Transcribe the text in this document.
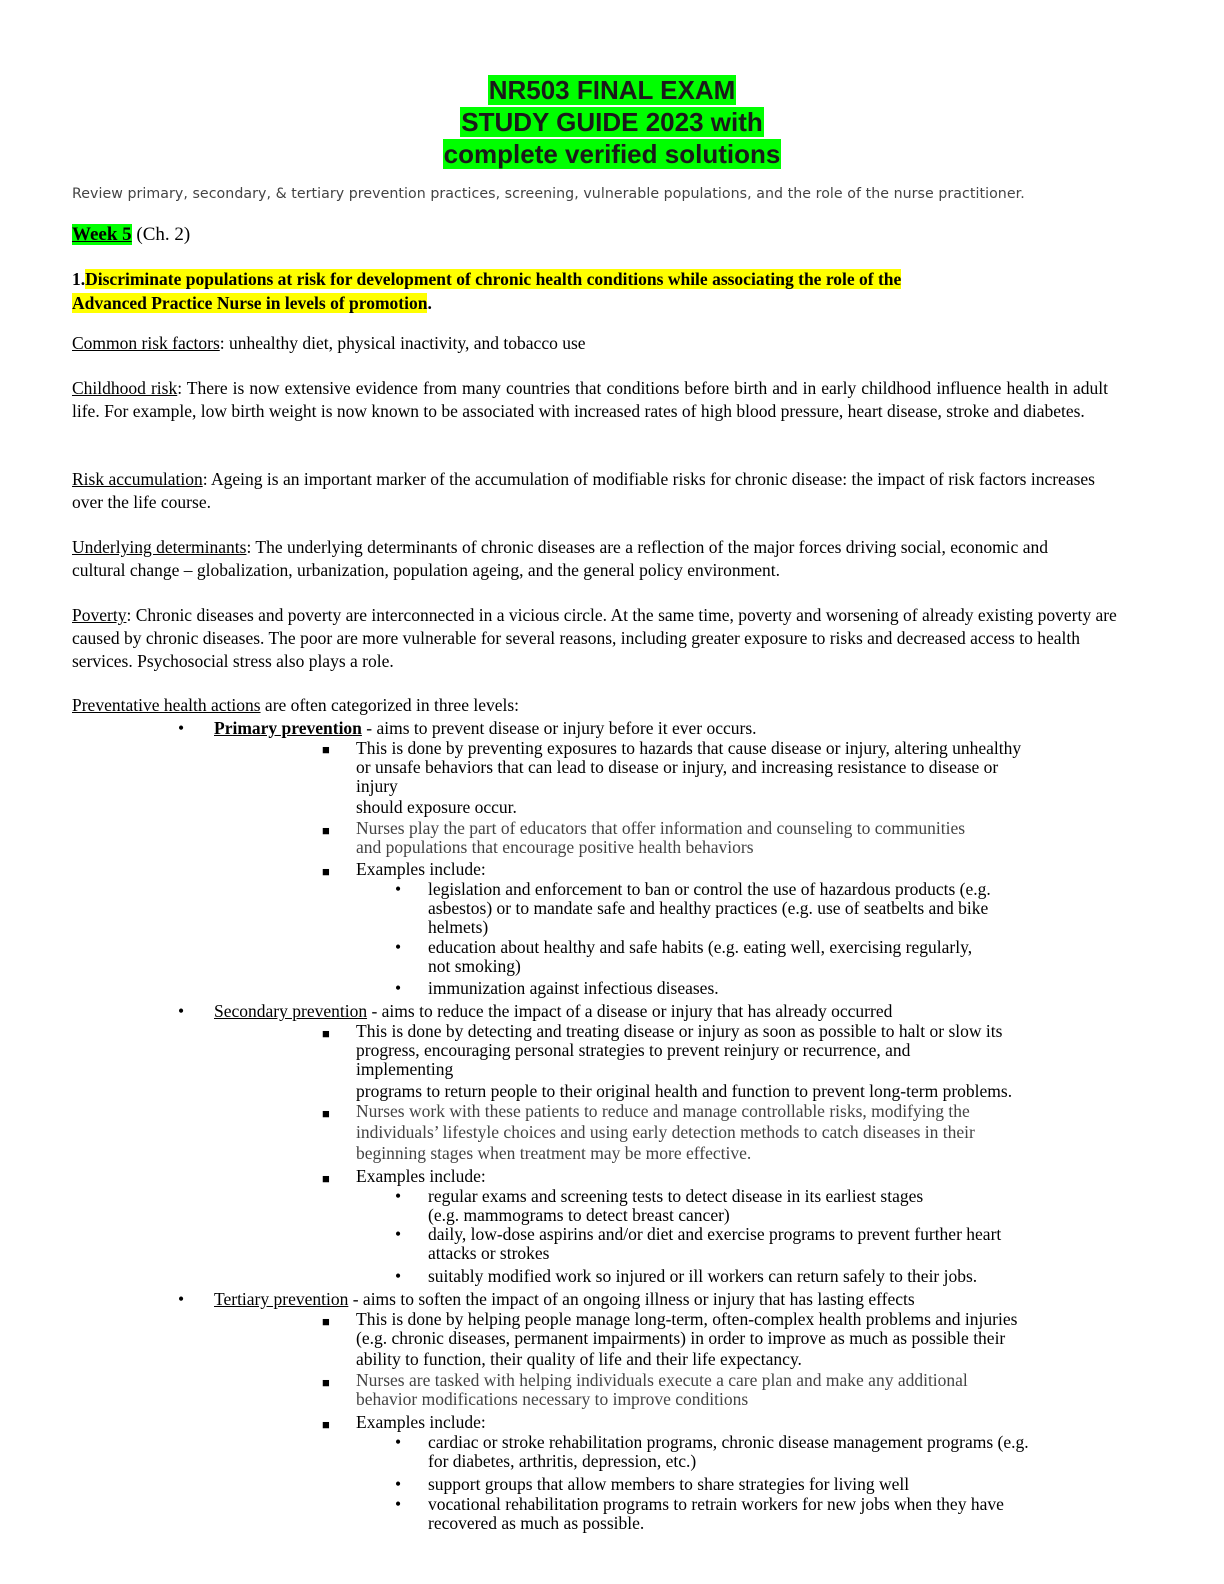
NR503 FINAL EXAM
STUDY GUIDE 2023 with
complete verified solutions
Review primary, secondary, & tertiary prevention practices, screening, vulnerable populations, and the role of the nurse practitioner.
Week 5 (Ch. 2)
1.Discriminate populations at risk for development of chronic health conditions while associating the role of the
Advanced Practice Nurse in levels of promotion.
Common risk factors: unhealthy diet, physical inactivity, and tobacco use
Childhood risk: There is now extensive evidence from many countries that conditions before birth and in early childhood influence health in adult life. For example, low birth weight is now known to be associated with increased rates of high blood pressure, heart disease, stroke and diabetes.
Risk accumulation: Ageing is an important marker of the accumulation of modifiable risks for chronic disease: the impact of risk factors increases over the life course.
Underlying determinants: The underlying determinants of chronic diseases are a reflection of the major forces driving social, economic and cultural change – globalization, urbanization, population ageing, and the general policy environment.
Poverty: Chronic diseases and poverty are interconnected in a vicious circle. At the same time, poverty and worsening of already existing poverty are caused by chronic diseases. The poor are more vulnerable for several reasons, including greater exposure to risks and decreased access to health services. Psychosocial stress also plays a role.
Preventative health actions are often categorized in three levels:
• Primary prevention - aims to prevent disease or injury before it ever occurs.
■ This is done by preventing exposures to hazards that cause disease or injury, altering unhealthy
or unsafe behaviors that can lead to disease or injury, and increasing resistance to disease or
injury
should exposure occur.
■ Nurses play the part of educators that offer information and counseling to communities
and populations that encourage positive health behaviors
■ Examples include:
• legislation and enforcement to ban or control the use of hazardous products (e.g.
asbestos) or to mandate safe and healthy practices (e.g. use of seatbelts and bike
helmets)
• education about healthy and safe habits (e.g. eating well, exercising regularly,
not smoking)
• immunization against infectious diseases.
• Secondary prevention - aims to reduce the impact of a disease or injury that has already occurred
■ This is done by detecting and treating disease or injury as soon as possible to halt or slow its
progress, encouraging personal strategies to prevent reinjury or recurrence, and
implementing
programs to return people to their original health and function to prevent long-term problems.
■ Nurses work with these patients to reduce and manage controllable risks, modifying the
individuals’ lifestyle choices and using early detection methods to catch diseases in their
beginning stages when treatment may be more effective.
■ Examples include:
• regular exams and screening tests to detect disease in its earliest stages
(e.g. mammograms to detect breast cancer)
• daily, low-dose aspirins and/or diet and exercise programs to prevent further heart
attacks or strokes
• suitably modified work so injured or ill workers can return safely to their jobs.
• Tertiary prevention - aims to soften the impact of an ongoing illness or injury that has lasting effects
■ This is done by helping people manage long-term, often-complex health problems and injuries
(e.g. chronic diseases, permanent impairments) in order to improve as much as possible their
ability to function, their quality of life and their life expectancy.
■ Nurses are tasked with helping individuals execute a care plan and make any additional
behavior modifications necessary to improve conditions
■ Examples include:
• cardiac or stroke rehabilitation programs, chronic disease management programs (e.g.
for diabetes, arthritis, depression, etc.)
• support groups that allow members to share strategies for living well
• vocational rehabilitation programs to retrain workers for new jobs when they have
recovered as much as possible.
